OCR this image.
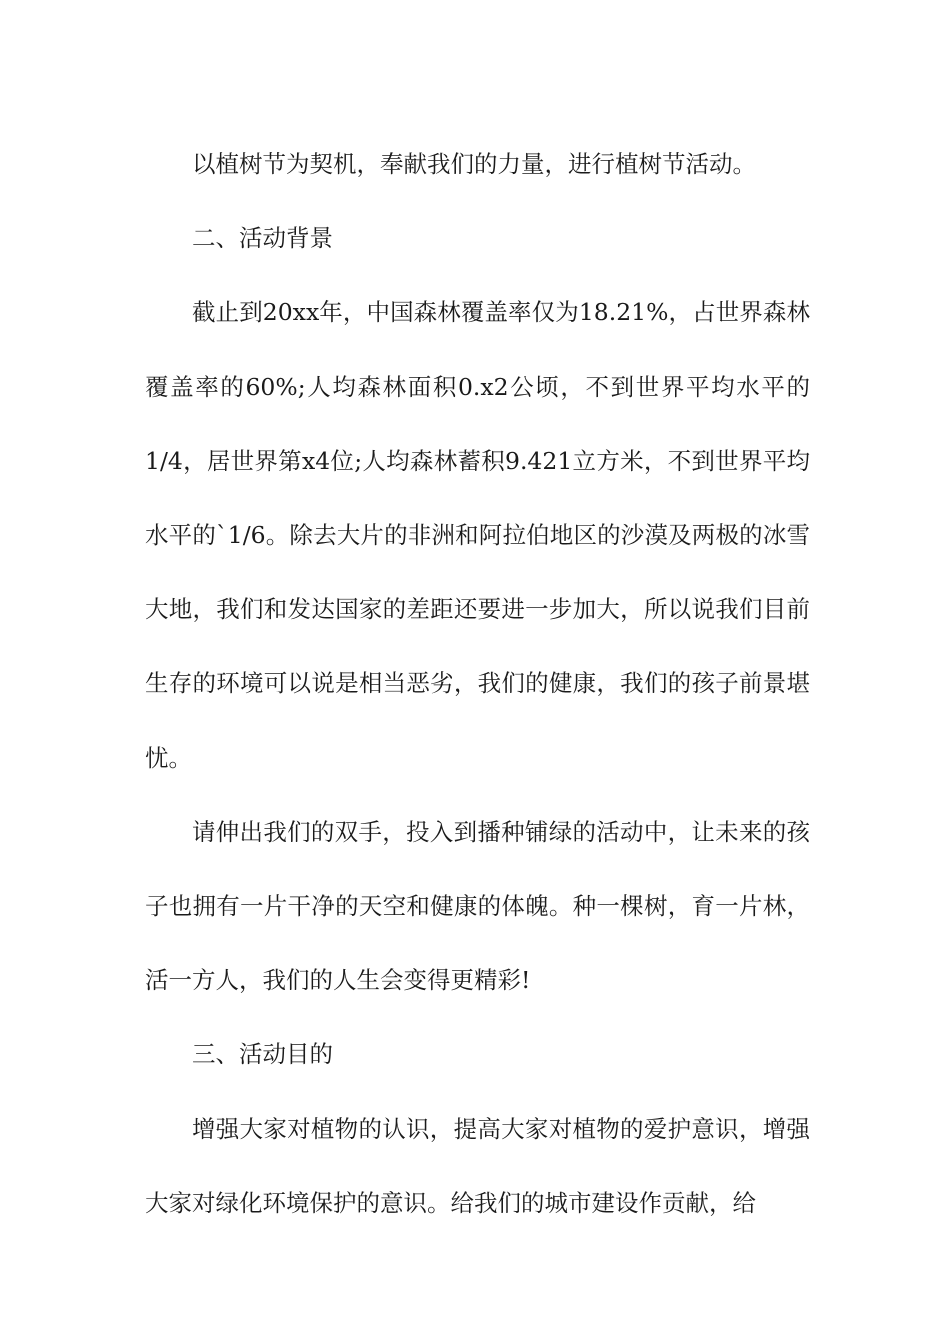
以植树节为契机，奉献我们的力量，进行植树节活动。

二、活动背景

截止到20xx年，中国森林覆盖率仅为18.21%，占世界森林覆盖率的60%;人均森林面积0.x2公顷，不到世界平均水平的1/4，居世界第x4位;人均森林蓄积9.421立方米，不到世界平均水平的`1/6。除去大片的非洲和阿拉伯地区的沙漠及两极的冰雪大地，我们和发达国家的差距还要进一步加大，所以说我们目前生存的环境可以说是相当恶劣，我们的健康，我们的孩子前景堪忧。

请伸出我们的双手，投入到播种铺绿的活动中，让未来的孩子也拥有一片干净的天空和健康的体魄。种一棵树，育一片林，活一方人，我们的人生会变得更精彩!

三、活动目的

增强大家对植物的认识，提高大家对植物的爱护意识，增强大家对绿化环境保护的意识。给我们的城市建设作贡献，给
